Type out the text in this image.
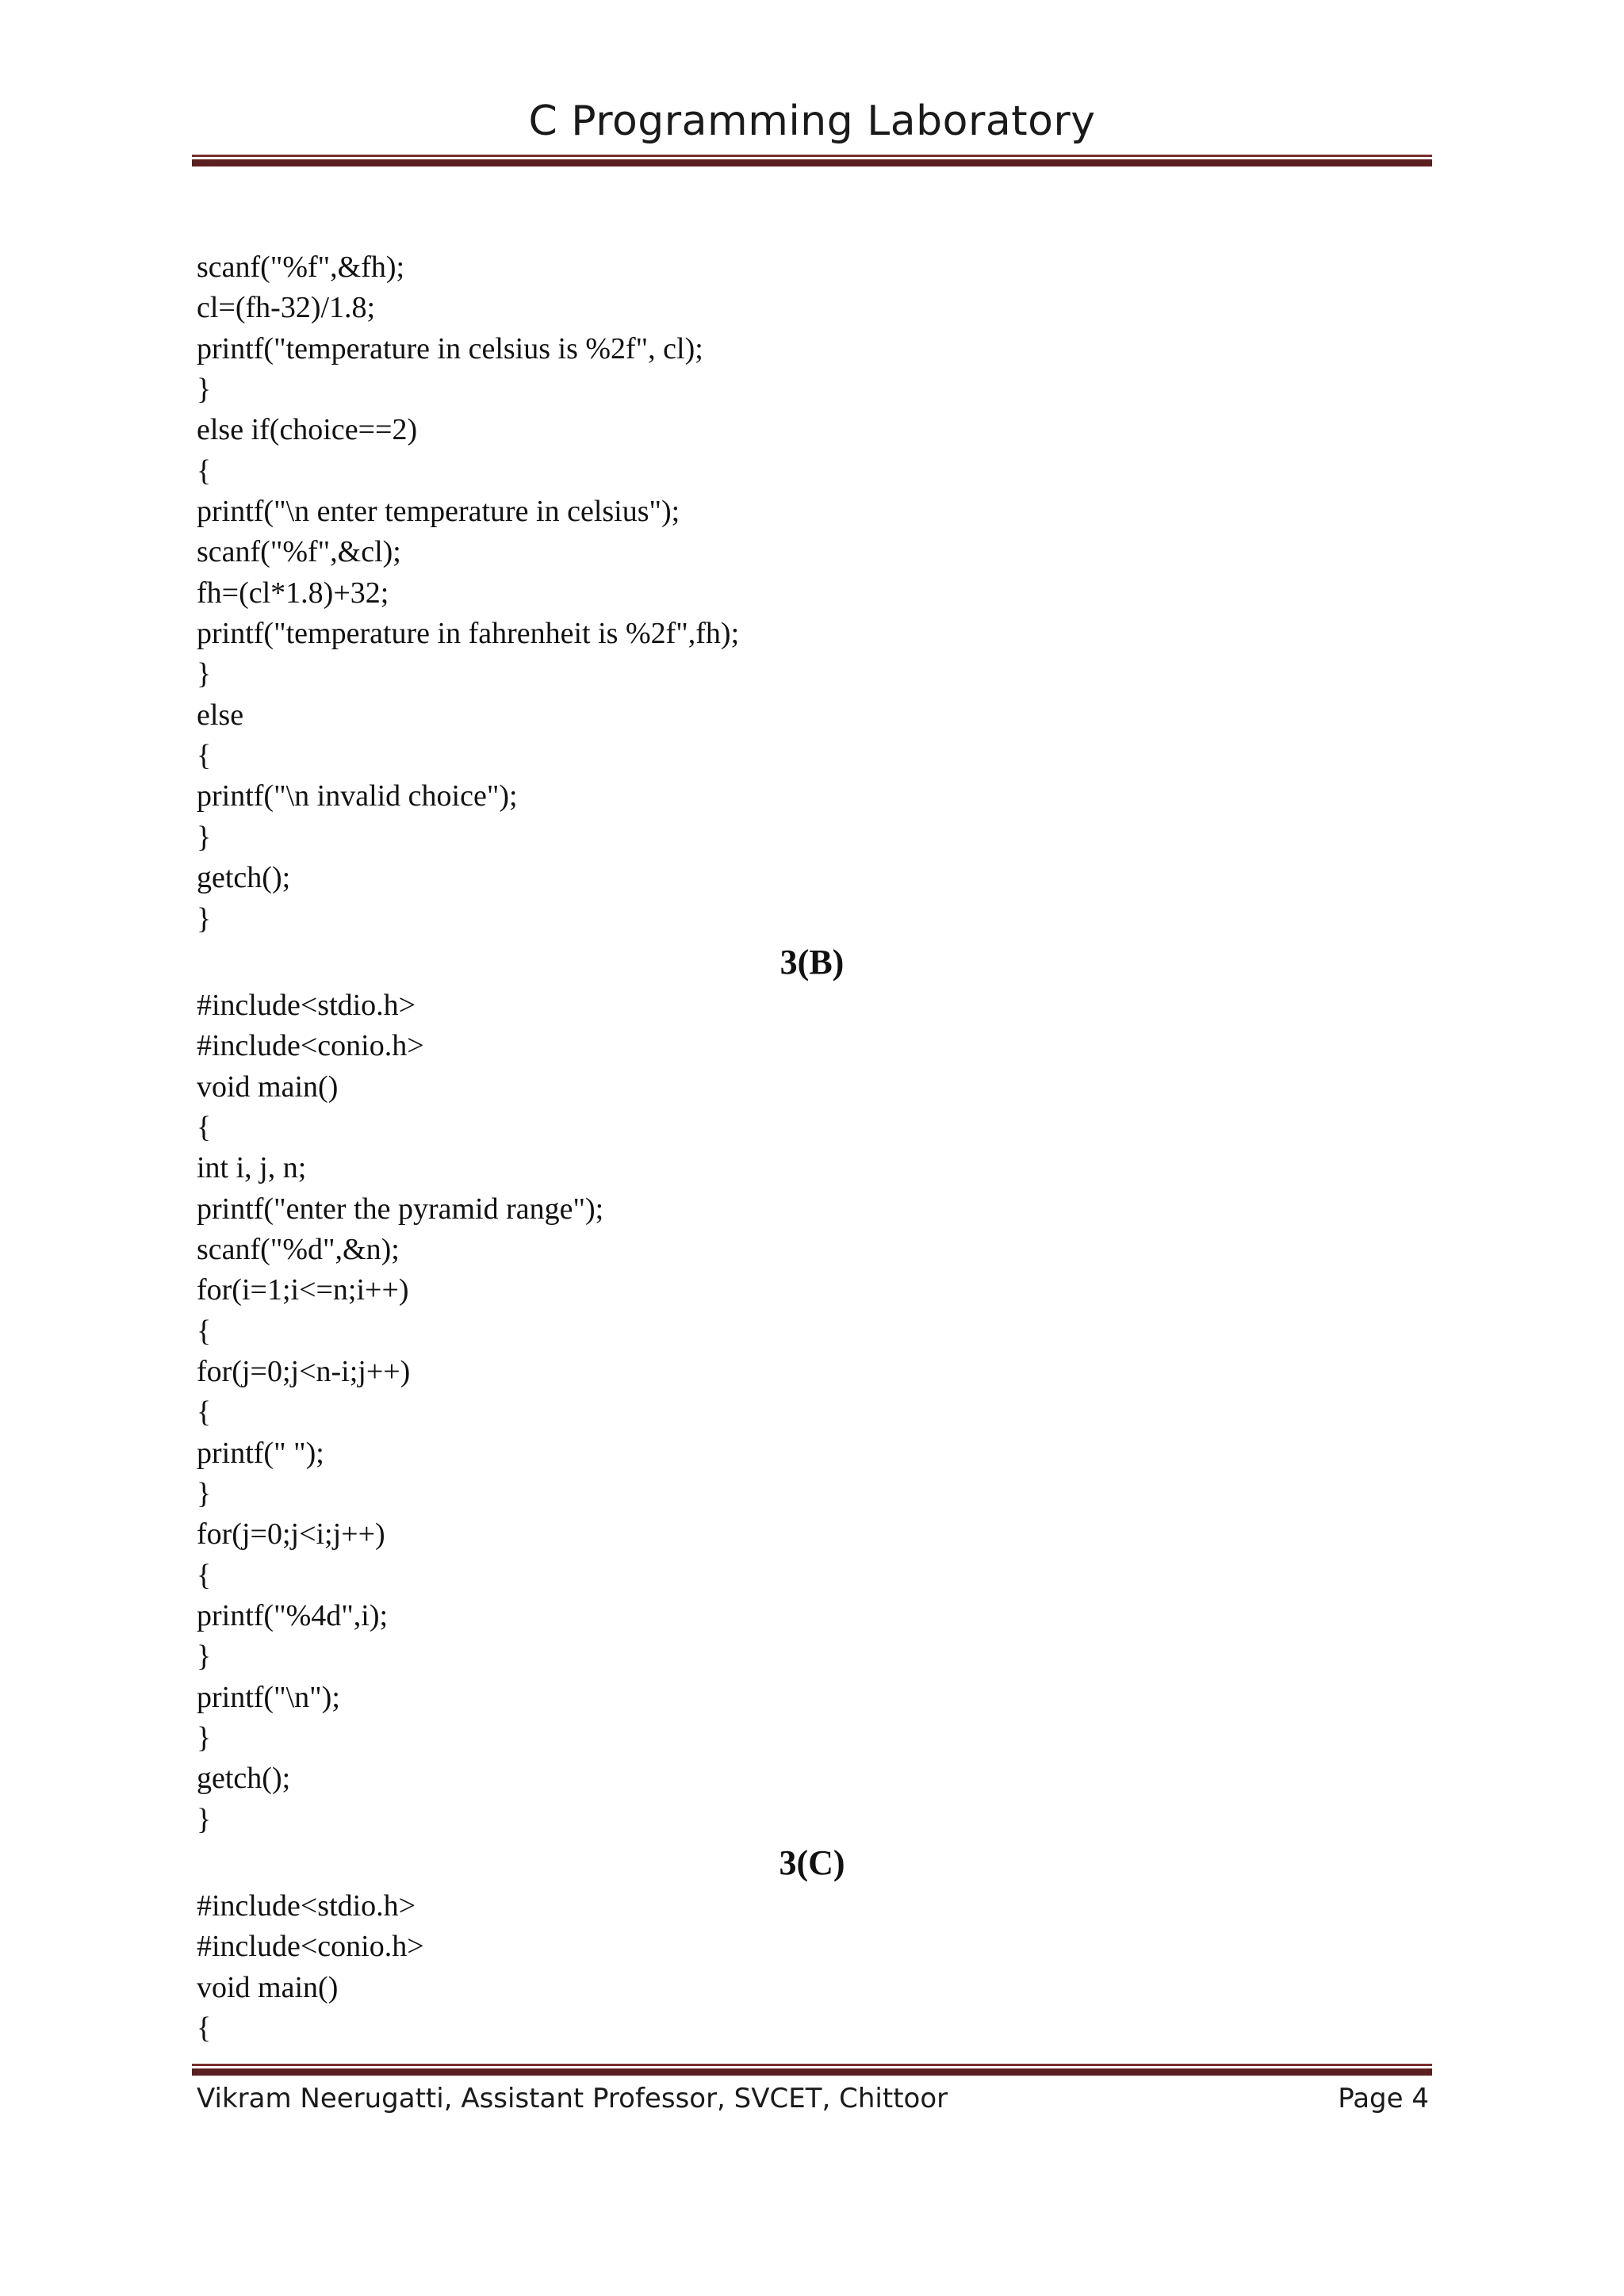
C Programming Laboratory
scanf("%f",&fh);
cl=(fh-32)/1.8;
printf("temperature in celsius is %2f", cl);
}
else if(choice==2)
{
printf("\n enter temperature in celsius");
scanf("%f",&cl);
fh=(cl*1.8)+32;
printf("temperature in fahrenheit is %2f",fh);
}
else
{
printf("\n invalid choice");
}
getch();
}
3(B)
#include<stdio.h>
#include<conio.h>
void main()
{
int i, j, n;
printf("enter the pyramid range");
scanf("%d",&n);
for(i=1;i<=n;i++)
{
for(j=0;j<n-i;j++)
{
printf(" ");
}
for(j=0;j<i;j++)
{
printf("%4d",i);
}
printf("\n");
}
getch();
}
3(C)
#include<stdio.h>
#include<conio.h>
void main()
{
Vikram Neerugatti, Assistant Professor, SVCET, Chittoor	Page 4
